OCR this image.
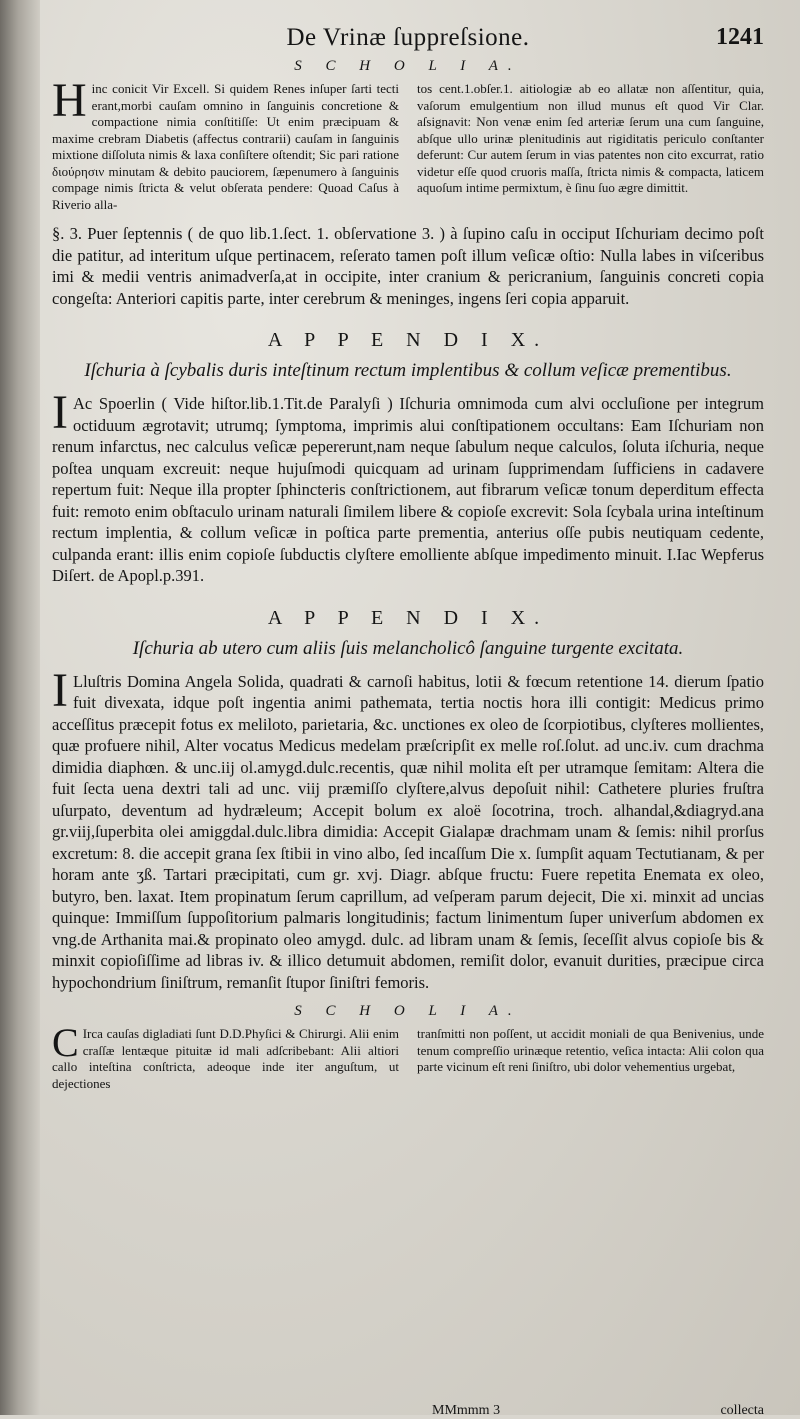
De Vrinæ ſuppreſsione.	1241
S C H O L I A.
Hinc conicit Vir Excell. Si quidem Renes inſuper ſarti tecti erant,morbi cauſam omnino in ſanguinis concretione & compactione nimia conſtitiſſe: Ut enim præcipuam & maxime crebram Diabetis (affectus contrarii) cauſam in ſanguinis mixtione diſſoluta nimis & laxa conſiſtere oſtendit; Sic pari ratione διούρησιν minutam & debito pauciorem, ſæpenumero à ſanguinis compage nimis ſtricta & velut obſerata pendere: Quoad Caſus à Riverio alla-
tos cent.1.obſer.1. aitiologiæ ab eo allatæ non aſſentitur, quia, vaſorum emulgentium non illud munus eſt quod Vir Clar. aſsignavit: Non venæ enim ſed arteriæ ſerum una cum ſanguine, abſque ullo urinæ plenitudinis aut rigiditatis periculo conſtanter deferunt: Cur autem ſerum in vias patentes non cito excurrat, ratio videtur eſſe quod cruoris maſſa, ſtricta nimis & compacta, laticem aquoſum intime permixtum, è ſinu ſuo ægre dimittit.

§. 3. Puer ſeptennis ( de quo lib.1.ſect. 1. obſervatione 3. ) à ſupino caſu in occiput Iſchuriam decimo poſt die patitur, ad interitum uſque pertinacem, reſerato tamen poſt illum veſicæ oſtio: Nulla labes in viſceribus imi & medii ventris animadverſa,at in occipite, inter cranium & pericranium, ſanguinis concreti copia congeſta: Anteriori capitis parte, inter cerebrum & meninges, ingens ſeri copia apparuit.

A P P E N D I X.
Iſchuria à ſcybalis duris inteſtinum rectum implentibus & collum veſicæ prementibus.

I Ac Spoerlin ( Vide hiſtor.lib.1.Tit.de Paralyſi ) Iſchuria omnimoda cum alvi occluſione per integrum octiduum ægrotavit; utrumq; ſymptoma, imprimis alui conſtipationem occultans: Eam Iſchuriam non renum infarctus, nec calculus veſicæ pepererunt,nam neque ſabulum neque calculos, ſoluta iſchuria, neque poſtea unquam excreuit: neque hujuſmodi quicquam ad urinam ſupprimendam ſufficiens in cadavere repertum fuit: Neque illa propter ſphincteris conſtrictionem, aut fibrarum veſicæ tonum deperditum effecta fuit: remoto enim obſtaculo urinam naturali ſimilem libere & copioſe excrevit: Sola ſcybala urina inteſtinum rectum implentia, & collum veſicæ in poſtica parte prementia, anterius oſſe pubis neutiquam cedente, culpanda erant: illis enim copioſe ſubductis clyſtere emolliente abſque impedimento minuit. I.Iac Wepferus Diſert. de Apopl.p.391.

A P P E N D I X.
Iſchuria ab utero cum aliis ſuis melancholicô ſanguine turgente excitata.

I Lluſtris Domina Angela Solida, quadrati & carnoſi habitus, lotii & fœcum retentione 14. dierum ſpatio fuit divexata, idque poſt ingentia animi pathemata, tertia noctis hora illi contigit: Medicus primo acceſſitus præcepit fotus ex meliloto, parietaria, &c. unctiones ex oleo de ſcorpiotibus, clyſteres mollientes, quæ profuere nihil, Alter vocatus Medicus medelam præſcripſit ex melle roſ.ſolut. ad unc.iv. cum drachma dimidia diaphœn. & unc.iij ol.amygd.dulc.recentis, quæ nihil molita eſt per utramque ſemitam: Altera die fuit ſecta uena dextri tali ad unc. viij præmiſſo clyſtere,alvus depoſuit nihil: Cathetere pluries fruſtra uſurpato, deventum ad hydræleum; Accepit bolum ex aloë ſocotrina, troch. alhandal,&diagryd.ana gr.viij,ſuperbita olei amiggdal.dulc.libra dimidia: Accepit Gialapæ drachmam unam & ſemis: nihil prorſus excretum: 8. die accepit grana ſex ſtibii in vino albo, ſed incaſſum Die x. ſumpſit aquam Tectutianam, & per horam ante ʒß. Tartari præcipitati, cum gr. xvj. Diagr. abſque fructu: Fuere repetita Enemata ex oleo, butyro, ben. laxat. Item propinatum ſerum caprillum, ad veſperam parum dejecit, Die xi. minxit ad uncias quinque: Immiſſum ſuppoſitorium palmaris longitudinis; factum linimentum ſuper univerſum abdomen ex vng.de Arthanita mai.& propinato oleo amygd. dulc. ad libram unam & ſemis, ſeceſſit alvus copioſe bis & minxit copioſiſſime ad libras iv. & illico detumuit abdomen, remiſit dolor, evanuit durities, præcipue circa hypochondrium ſiniſtrum, remanſit ſtupor ſiniſtri femoris.

S C H O L I A.
C Irca cauſas digladiati ſunt D.D.Phyſici & Chirurgi. Alii enim craſſæ lentæque pituitæ id mali adſcribebant: Alii altiori callo inteſtina conſtricta, adeoque inde iter anguſtum, ut dejectiones
tranſmitti non poſſent, ut accidit moniali de qua Benivenius, unde tenum compreſſio urinæque retentio, veſica intacta: Alii colon qua parte vicinum eſt reni ſiniſtro, ubi dolor vehementius urgebat,
MMmmm 3	collecta
